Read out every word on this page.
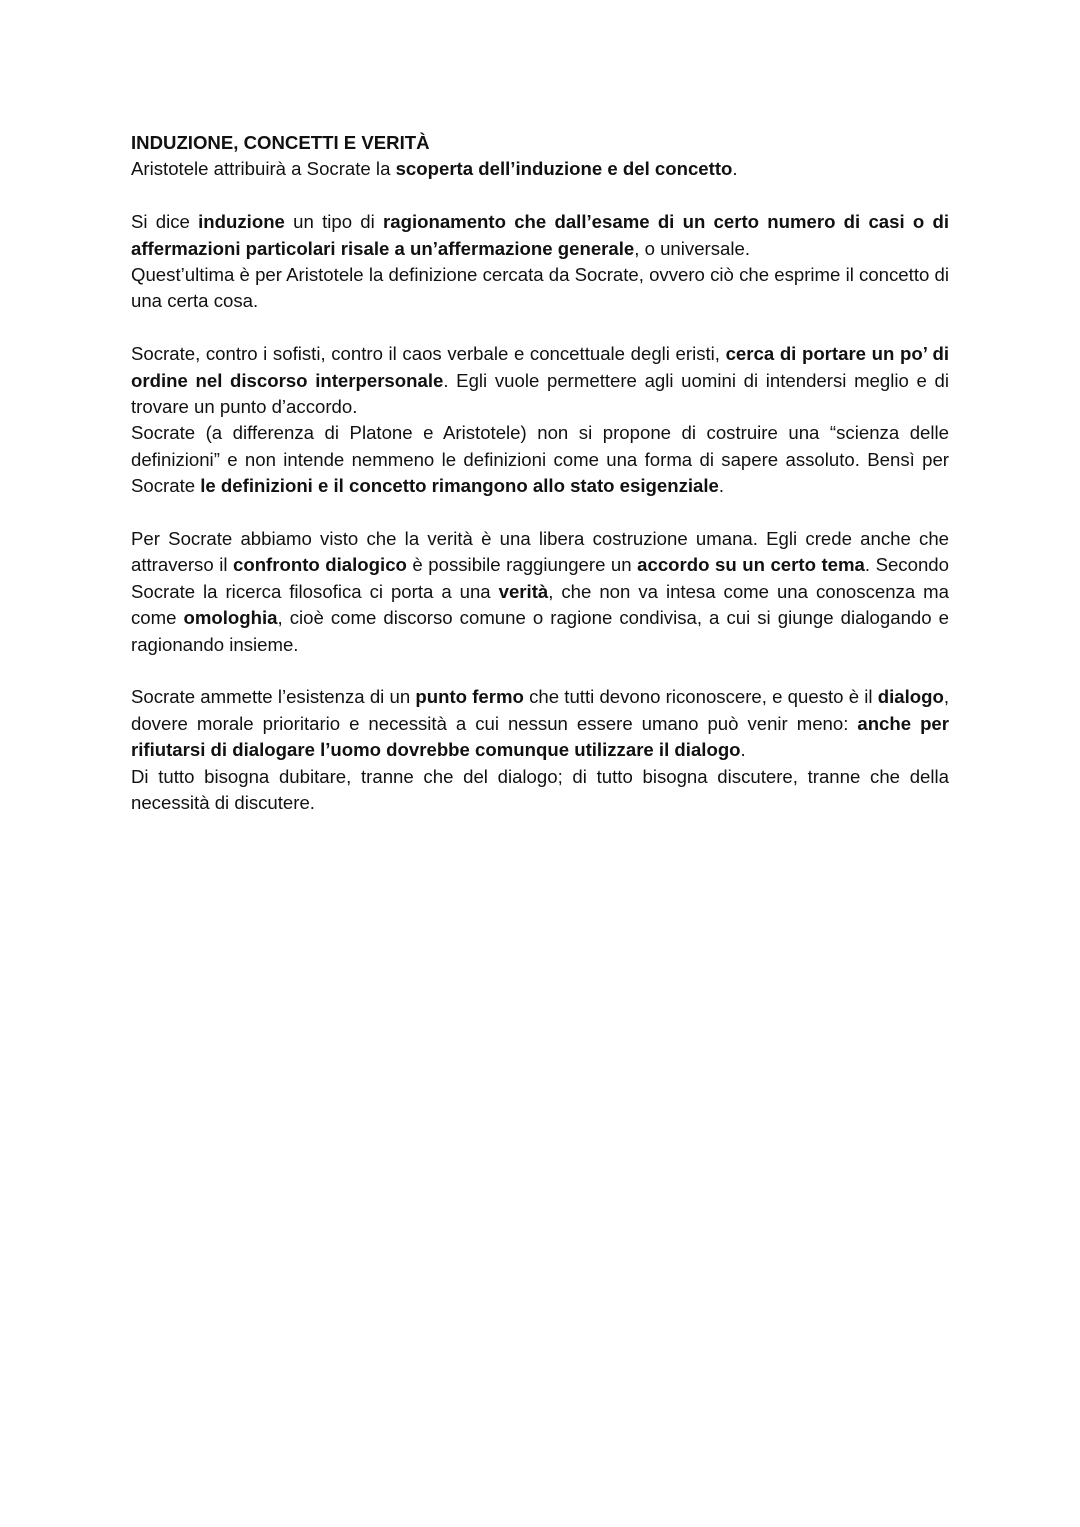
INDUZIONE, CONCETTI E VERITÀ

Aristotele attribuirà a Socrate la scoperta dell’induzione e del concetto.

Si dice induzione un tipo di ragionamento che dall’esame di un certo numero di casi o di affermazioni particolari risale a un’affermazione generale, o universale.

Quest’ultima è per Aristotele la definizione cercata da Socrate, ovvero ciò che esprime il concetto di una certa cosa.

Socrate, contro i sofisti, contro il caos verbale e concettuale degli eristi, cerca di portare un po’ di ordine nel discorso interpersonale. Egli vuole permettere agli uomini di intendersi meglio e di trovare un punto d’accordo.

Socrate (a differenza di Platone e Aristotele) non si propone di costruire una “scienza delle definizioni” e non intende nemmeno le definizioni come una forma di sapere assoluto. Bensì per Socrate le definizioni e il concetto rimangono allo stato esigenziale.

Per Socrate abbiamo visto che la verità è una libera costruzione umana. Egli crede anche che attraverso il confronto dialogico è possibile raggiungere un accordo su un certo tema. Secondo Socrate la ricerca filosofica ci porta a una verità, che non va intesa come una conoscenza ma come omologhia, cioè come discorso comune o ragione condivisa, a cui si giunge dialogando e ragionando insieme.

Socrate ammette l’esistenza di un punto fermo che tutti devono riconoscere, e questo è il dialogo, dovere morale prioritario e necessità a cui nessun essere umano può venir meno: anche per rifiutarsi di dialogare l’uomo dovrebbe comunque utilizzare il dialogo.

Di tutto bisogna dubitare, tranne che del dialogo; di tutto bisogna discutere, tranne che della necessità di discutere.
